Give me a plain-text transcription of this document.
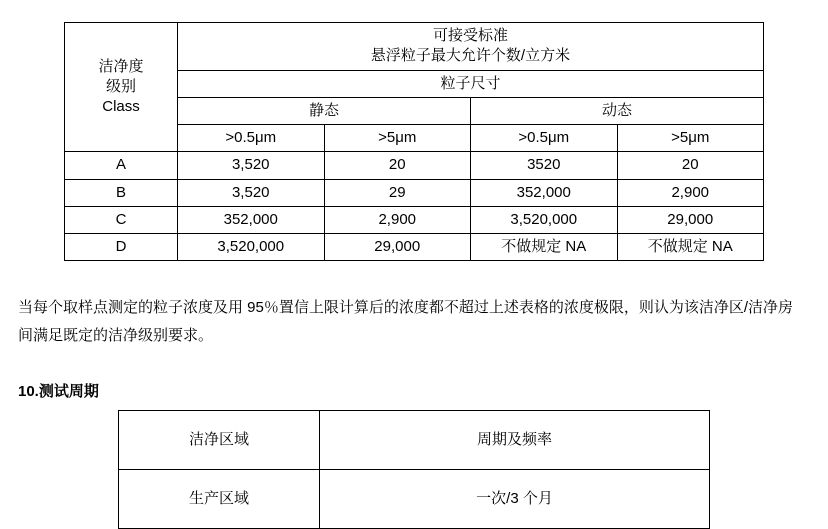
洁净度
级别
Class

可接受标准
悬浮粒子最大允许个数/立方米

	粒子尺寸			
	静态		动态	
	>0.5μm	>5μm	>0.5μm	>5μm
A	3,520	20	3520	20
B	3,520	29	352,000	2,900
C	352,000	2,900	3,520,000	29,000
D	3,520,000	29,000	不做规定 NA	不做规定 NA
当每个取样点测定的粒子浓度及用 95％置信上限计算后的浓度都不超过上述表格的浓度极限，则认为该洁净区/洁净房间满足既定的洁净级别要求。
10.测试周期
洁净区域	周期及频率
生产区域	一次/3 个月
